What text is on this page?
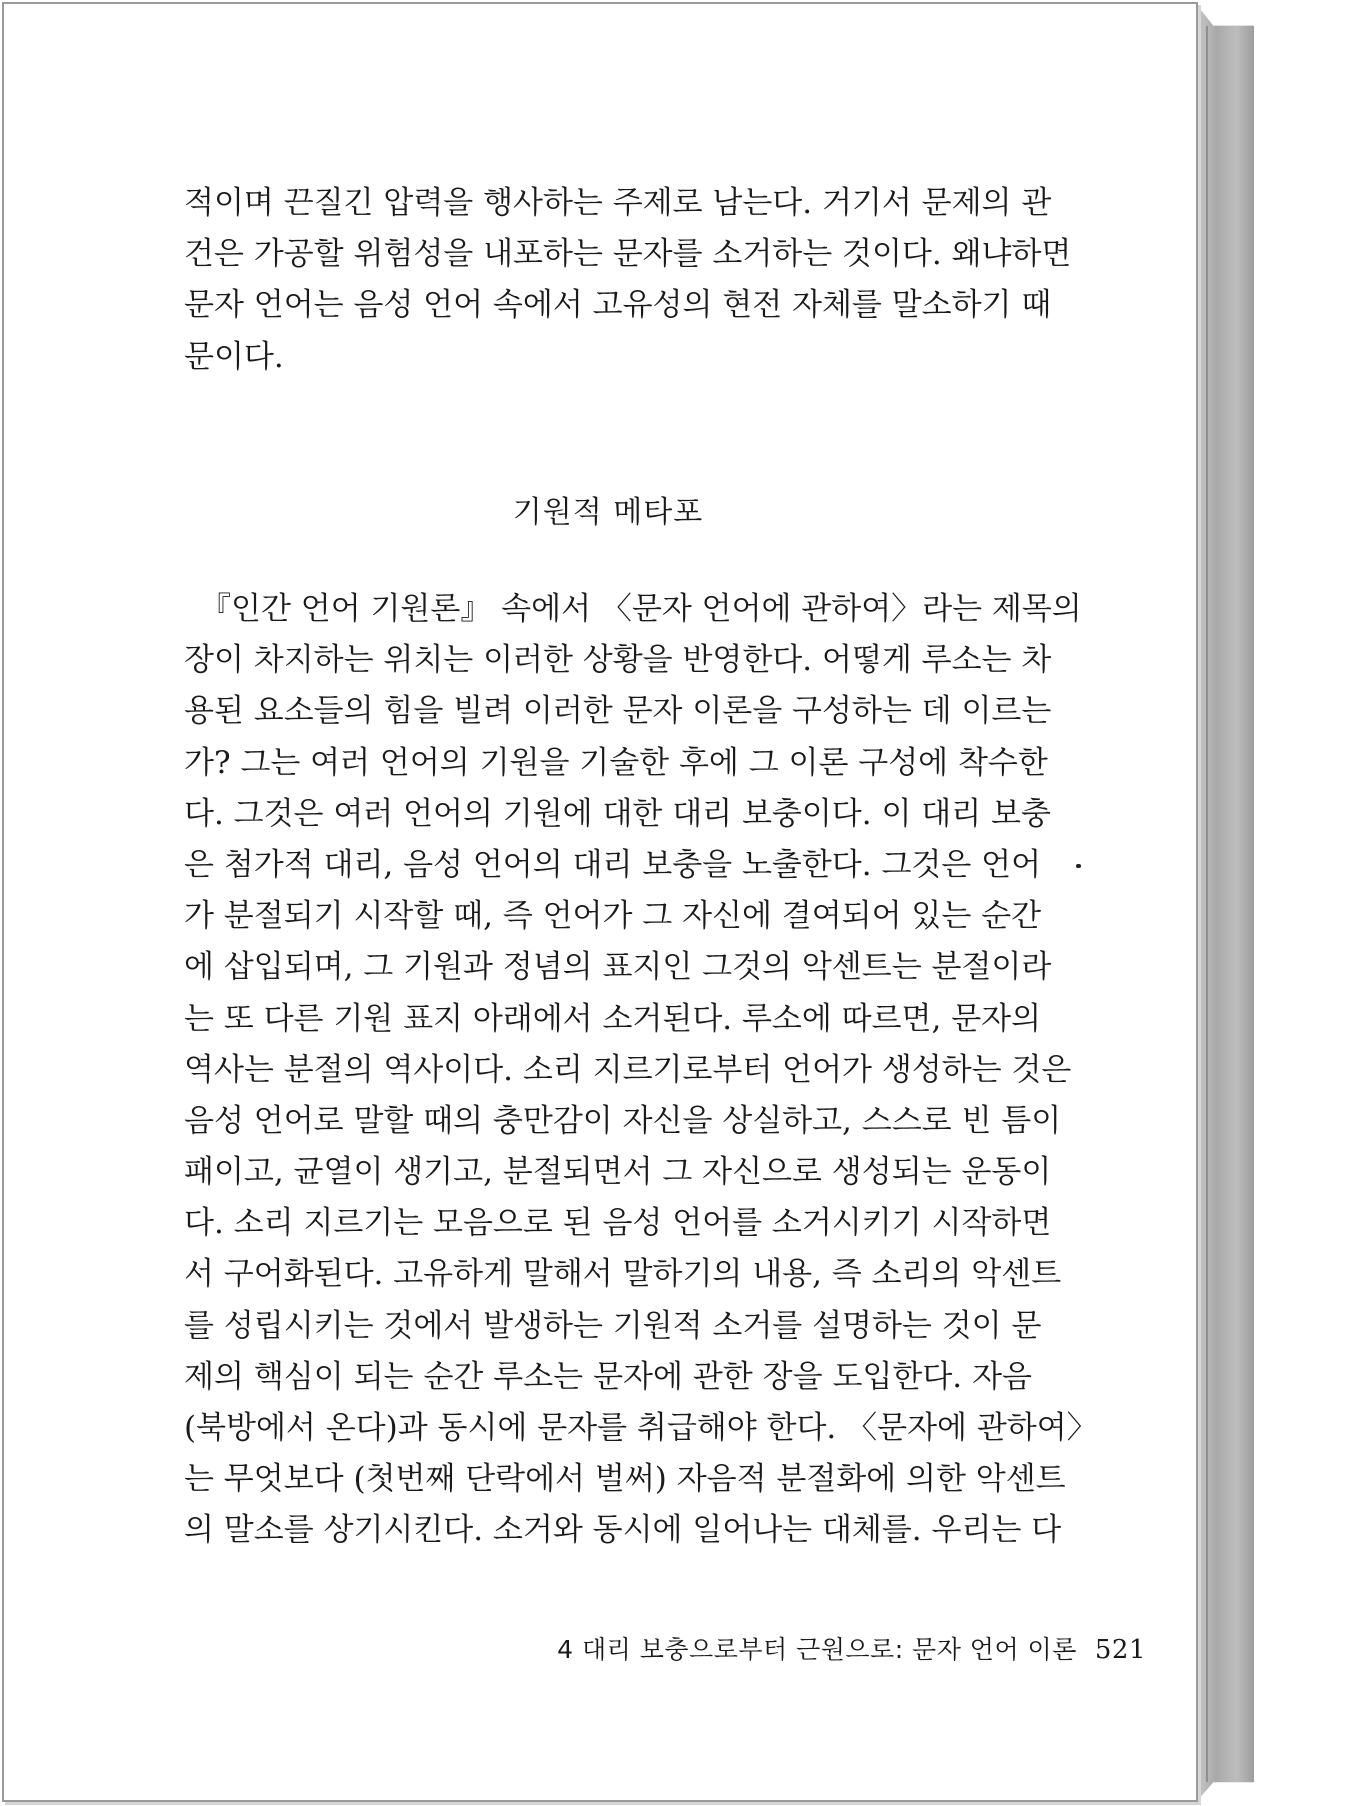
적이며 끈질긴 압력을 행사하는 주제로 남는다. 거기서 문제의 관
건은 가공할 위험성을 내포하는 문자를 소거하는 것이다. 왜냐하면
문자 언어는 음성 언어 속에서 고유성의 현전 자체를 말소하기 때
문이다.
기원적 메타포
『인간 언어 기원론』 속에서 〈문자 언어에 관하여〉라는 제목의
장이 차지하는 위치는 이러한 상황을 반영한다. 어떻게 루소는 차
용된 요소들의 힘을 빌려 이러한 문자 이론을 구성하는 데 이르는
가? 그는 여러 언어의 기원을 기술한 후에 그 이론 구성에 착수한
다. 그것은 여러 언어의 기원에 대한 대리 보충이다. 이 대리 보충
은 첨가적 대리, 음성 언어의 대리 보충을 노출한다. 그것은 언어
가 분절되기 시작할 때, 즉 언어가 그 자신에 결여되어 있는 순간
에 삽입되며, 그 기원과 정념의 표지인 그것의 악센트는 분절이라
는 또 다른 기원 표지 아래에서 소거된다. 루소에 따르면, 문자의
역사는 분절의 역사이다. 소리 지르기로부터 언어가 생성하는 것은
음성 언어로 말할 때의 충만감이 자신을 상실하고, 스스로 빈 틈이
패이고, 균열이 생기고, 분절되면서 그 자신으로 생성되는 운동이
다. 소리 지르기는 모음으로 된 음성 언어를 소거시키기 시작하면
서 구어화된다. 고유하게 말해서 말하기의 내용, 즉 소리의 악센트
를 성립시키는 것에서 발생하는 기원적 소거를 설명하는 것이 문
제의 핵심이 되는 순간 루소는 문자에 관한 장을 도입한다. 자음
(북방에서 온다)과 동시에 문자를 취급해야 한다. 〈문자에 관하여〉
는 무엇보다 (첫번째 단락에서 벌써) 자음적 분절화에 의한 악센트
의 말소를 상기시킨다. 소거와 동시에 일어나는 대체를. 우리는 다
4 대리 보충으로부터 근원으로: 문자 언어 이론 521
